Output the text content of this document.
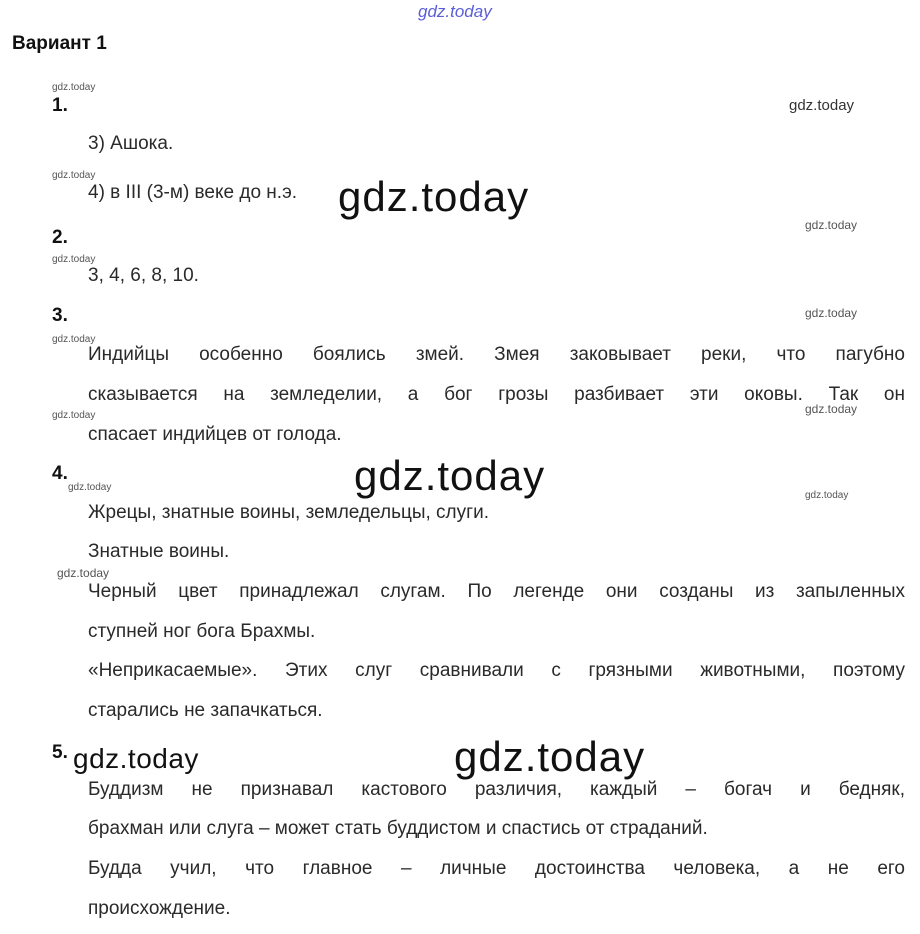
gdz.today
gdz.today
gdz.today
gdz.today
gdz.today
gdz.today
gdz.today
gdz.today
gdz.today
gdz.today
gdz.today
gdz.today
gdz.today
gdz.today
gdz.today
gdz.today
gdz.today
Вариант 1
1.
3) Ашока.
4) в III (3-м) веке до н.э.
2.
3, 4, 6, 8, 10.
3.
Индийцы особенно боялись змей. Змея заковывает реки, что пагубно
сказывается на земледелии, а бог грозы разбивает эти оковы. Так он
спасает индийцев от голода.
4.
Жрецы, знатные воины, земледельцы, слуги.
Знатные воины.
Черный цвет принадлежал слугам. По легенде они созданы из запыленных
ступней ног бога Брахмы.
«Неприкасаемые». Этих слуг сравнивали с грязными животными, поэтому
старались не запачкаться.
5.
Буддизм не признавал кастового различия, каждый – богач и бедняк,
брахман или слуга – может стать буддистом и спастись от страданий.
Будда учил, что главное – личные достоинства человека, а не его
происхождение.
